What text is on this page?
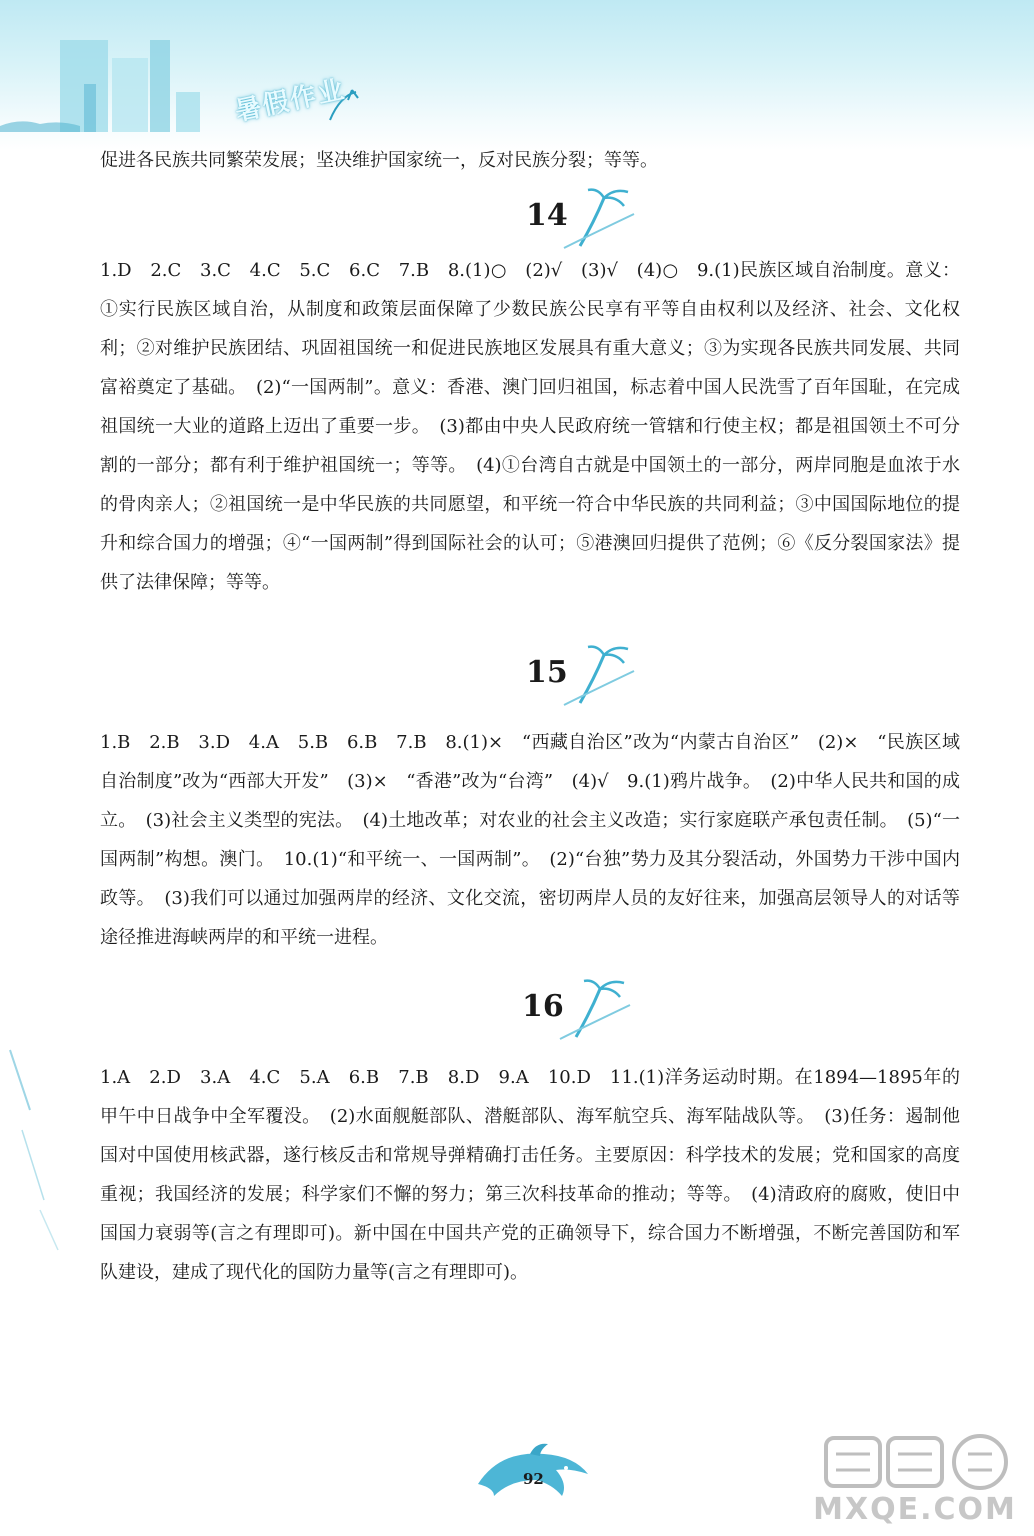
暑假作业
促进各民族共同繁荣发展；坚决维护国家统一，反对民族分裂；等等。
14
1.D　2.C　3.C　4.C　5.C　6.C　7.B　8.(1)○　(2)√　(3)√　(4)○　9.(1)民族区域自治制度。意义：①实行民族区域自治，从制度和政策层面保障了少数民族公民享有平等自由权利以及经济、社会、文化权利；②对维护民族团结、巩固祖国统一和促进民族地区发展具有重大意义；③为实现各民族共同发展、共同富裕奠定了基础。　(2)“一国两制”。意义：香港、澳门回归祖国，标志着中国人民洗雪了百年国耻，在完成祖国统一大业的道路上迈出了重要一步。　(3)都由中央人民政府统一管辖和行使主权；都是祖国领土不可分割的一部分；都有利于维护祖国统一；等等。　(4)①台湾自古就是中国领土的一部分，两岸同胞是血浓于水的骨肉亲人；②祖国统一是中华民族的共同愿望，和平统一符合中华民族的共同利益；③中国国际地位的提升和综合国力的增强；④“一国两制”得到国际社会的认可；⑤港澳回归提供了范例；⑥《反分裂国家法》提供了法律保障；等等。
15
1.B　2.B　3.D　4.A　5.B　6.B　7.B　8.(1)×　“西藏自治区”改为“内蒙古自治区”　(2)×　“民族区域自治制度”改为“西部大开发”　(3)×　“香港”改为“台湾”　(4)√　9.(1)鸦片战争。　(2)中华人民共和国的成立。　(3)社会主义类型的宪法。　(4)土地改革；对农业的社会主义改造；实行家庭联产承包责任制。　(5)“一国两制”构想。澳门。　10.(1)“和平统一、一国两制”。　(2)“台独”势力及其分裂活动，外国势力干涉中国内政等。　(3)我们可以通过加强两岸的经济、文化交流，密切两岸人员的友好往来，加强高层领导人的对话等途径推进海峡两岸的和平统一进程。
16
1.A　2.D　3.A　4.C　5.A　6.B　7.B　8.D　9.A　10.D　11.(1)洋务运动时期。在1894—1895年的甲午中日战争中全军覆没。　(2)水面舰艇部队、潜艇部队、海军航空兵、海军陆战队等。　(3)任务：遏制他国对中国使用核武器，遂行核反击和常规导弹精确打击任务。主要原因：科学技术的发展；党和国家的高度重视；我国经济的发展；科学家们不懈的努力；第三次科技革命的推动；等等。　(4)清政府的腐败，使旧中国国力衰弱等(言之有理即可)。新中国在中国共产党的正确领导下，综合国力不断增强，不断完善国防和军队建设，建成了现代化的国防力量等(言之有理即可)。
92
MXQE.COM
